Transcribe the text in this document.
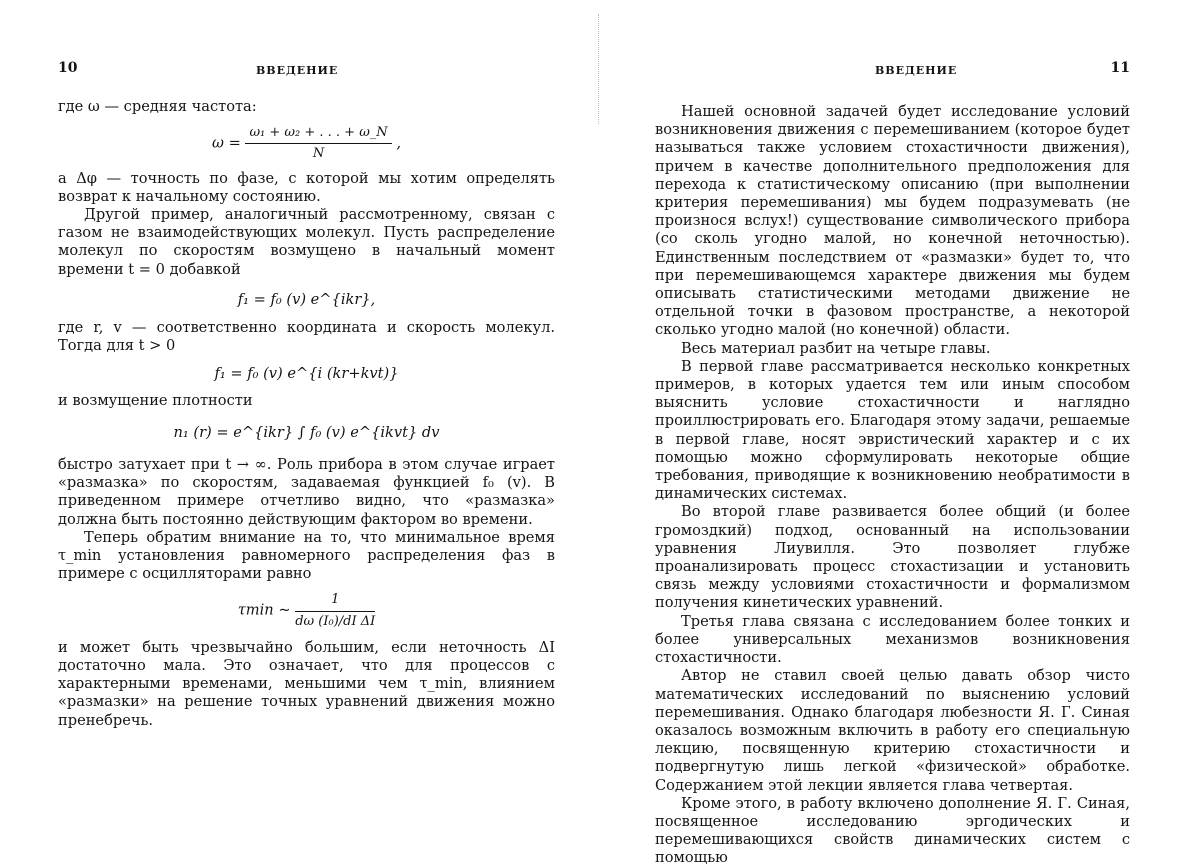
10	ВВЕДЕНИЕ

где ω — средняя частота:

$\omega = \frac{\text{ω₁ + ω₂ + . . . + ω\_N}}{N}$ ,

а Δφ — точность по фазе, с которой мы хотим определять возврат к начальному состоянию.

Другой пример, аналогичный рассмотренному, связан с газом не взаимодействующих молекул. Пусть распределение молекул по скоростям возмущено в начальный момент времени t = 0 добавкой

f₁ = f₀ (v) e^{ikr},

где r, v — соответственно координата и скорость молекул. Тогда для t > 0

f₁ = f₀ (v) e^{i (kr+kvt)}

и возмущение плотности

n₁ (r) = e^{ikr} ∫ f₀ (v) e^{ikvt} dv

быстро затухает при t → ∞. Роль прибора в этом случае играет «размазка» по скоростям, задаваемая функцией f₀ (v). В приведенном примере отчетливо видно, что «размазка» должна быть постоянно действующим фактором во времени.

Теперь обратим внимание на то, что минимальное время τ_min установления равномерного распределения фаз в примере с осцилляторами равно

τmin ~ $\frac{1}{\text{dω (I₀)/dI ΔI}}$

и может быть чрезвычайно большим, если неточность ΔI достаточно мала. Это означает, что для процессов с характерными временами, меньшими чем τ_min, влиянием «размазки» на решение точных уравнений движения можно пренебречь.

ВВЕДЕНИЕ	11

Нашей основной задачей будет исследование условий возникновения движения с перемешиванием (которое будет называться также условием стохастичности движения), причем в качестве дополнительного предположения для перехода к статистическому описанию (при выполнении критерия перемешивания) мы будем подразумевать (не произнося вслух!) существование символического прибора (со сколь угодно малой, но конечной неточностью). Единственным последствием от «размазки» будет то, что при перемешивающемся характере движения мы будем описывать статистическими методами движение не отдельной точки в фазовом пространстве, а некоторой сколько угодно малой (но конечной) области.

Весь материал разбит на четыре главы.

В первой главе рассматривается несколько конкретных примеров, в которых удается тем или иным способом выяснить условие стохастичности и наглядно проиллюстрировать его. Благодаря этому задачи, решаемые в первой главе, носят эвристический характер и с их помощью можно сформулировать некоторые общие требования, приводящие к возникновению необратимости в динамических системах.

Во второй главе развивается более общий (и более громоздкий) подход, основанный на использовании уравнения Лиувилля. Это позволяет глубже проанализировать процесс стохастизации и установить связь между условиями стохастичности и формализмом получения кинетических уравнений.

Третья глава связана с исследованием более тонких и более универсальных механизмов возникновения стохастичности.

Автор не ставил своей целью давать обзор чисто математических исследований по выяснению условий перемешивания. Однако благодаря любезности Я. Г. Синая оказалось возможным включить в работу его специальную лекцию, посвященную критерию стохастичности и подвергнутую лишь легкой «физической» обработке. Содержанием этой лекции является глава четвертая.

Кроме этого, в работу включено дополнение Я. Г. Синая, посвященное исследованию эргодических и перемешивающихся свойств динамических систем с помощью
